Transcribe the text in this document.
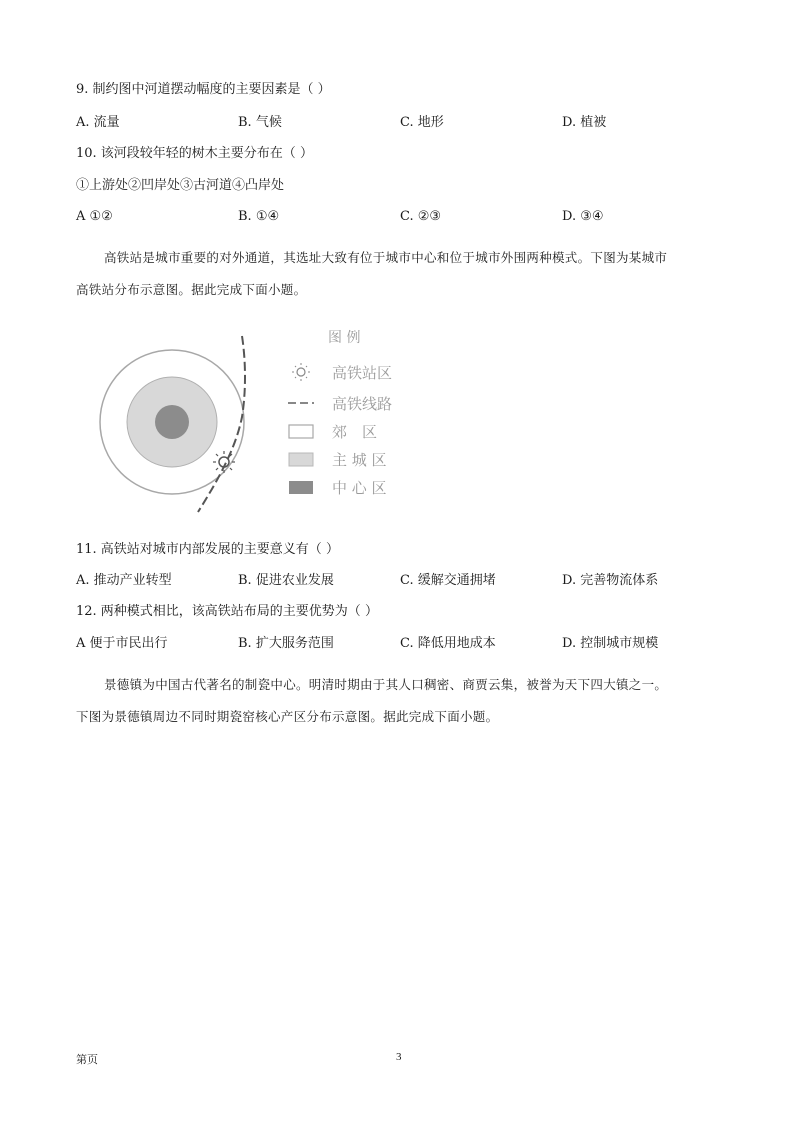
9. 制约图中河道摆动幅度的主要因素是（ ）
A. 流量	B. 气候	C. 地形	D. 植被
10. 该河段较年轻的树木主要分布在（ ）
①上游处②凹岸处③古河道④凸岸处
A ①②	B. ①④	C. ②③	D. ③④
高铁站是城市重要的对外通道，其选址大致有位于城市中心和位于城市外围两种模式。下图为某城市
高铁站分布示意图。据此完成下面小题。
图 例
高铁站区
高铁线路
郊　区
主 城 区
中 心 区
11. 高铁站对城市内部发展的主要意义有（ ）
A. 推动产业转型	B. 促进农业发展	C. 缓解交通拥堵	D. 完善物流体系
12. 两种模式相比，该高铁站布局的主要优势为（ ）
A 便于市民出行	B. 扩大服务范围	C. 降低用地成本	D. 控制城市规模
景德镇为中国古代著名的制瓷中心。明清时期由于其人口稠密、商贾云集，被誉为天下四大镇之一。
下图为景德镇周边不同时期瓷窑核心产区分布示意图。据此完成下面小题。
第页	3
